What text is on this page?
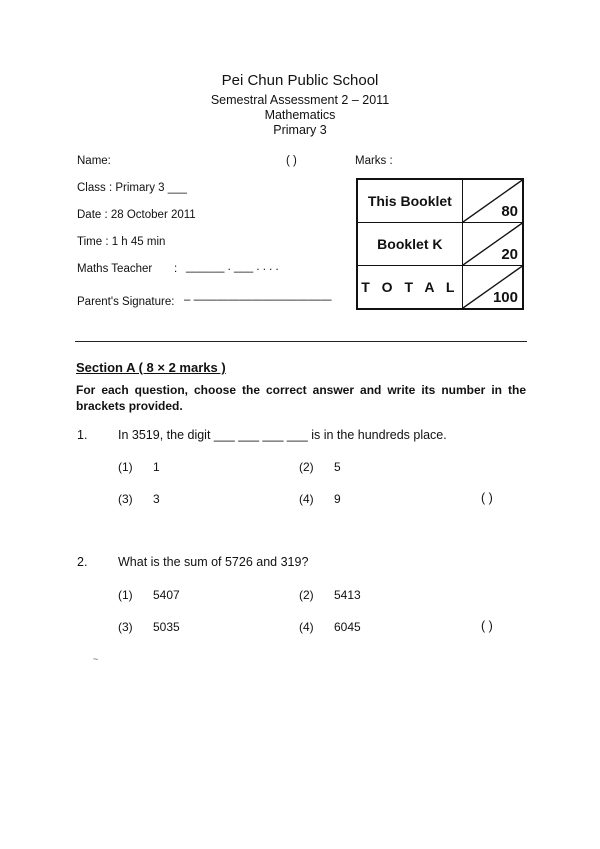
Pei Chun Public School
Semestral Assessment 2 – 2011
Mathematics
Primary 3
Name:	( )	Marks :
Class : Primary 3 ___
Date : 28 October 2011
Time : 1 h 45 min
Maths Teacher : ______ . ___ . . . .
Parent's Signature: – ————————————
This Booklet	80

Booklet K	20

T O T A L	100
Section A ( 8 × 2 marks )
For each question, choose the correct answer and write its number in the brackets provided.
1. In 3519, the digit ___ ___ ___ ___ is in the hundreds place.
(1) 1	(2) 5
(3) 3	(4) 9	( )
2. What is the sum of 5726 and 319?
(1) 5407	(2) 5413
(3) 5035	(4) 6045	( )
~
